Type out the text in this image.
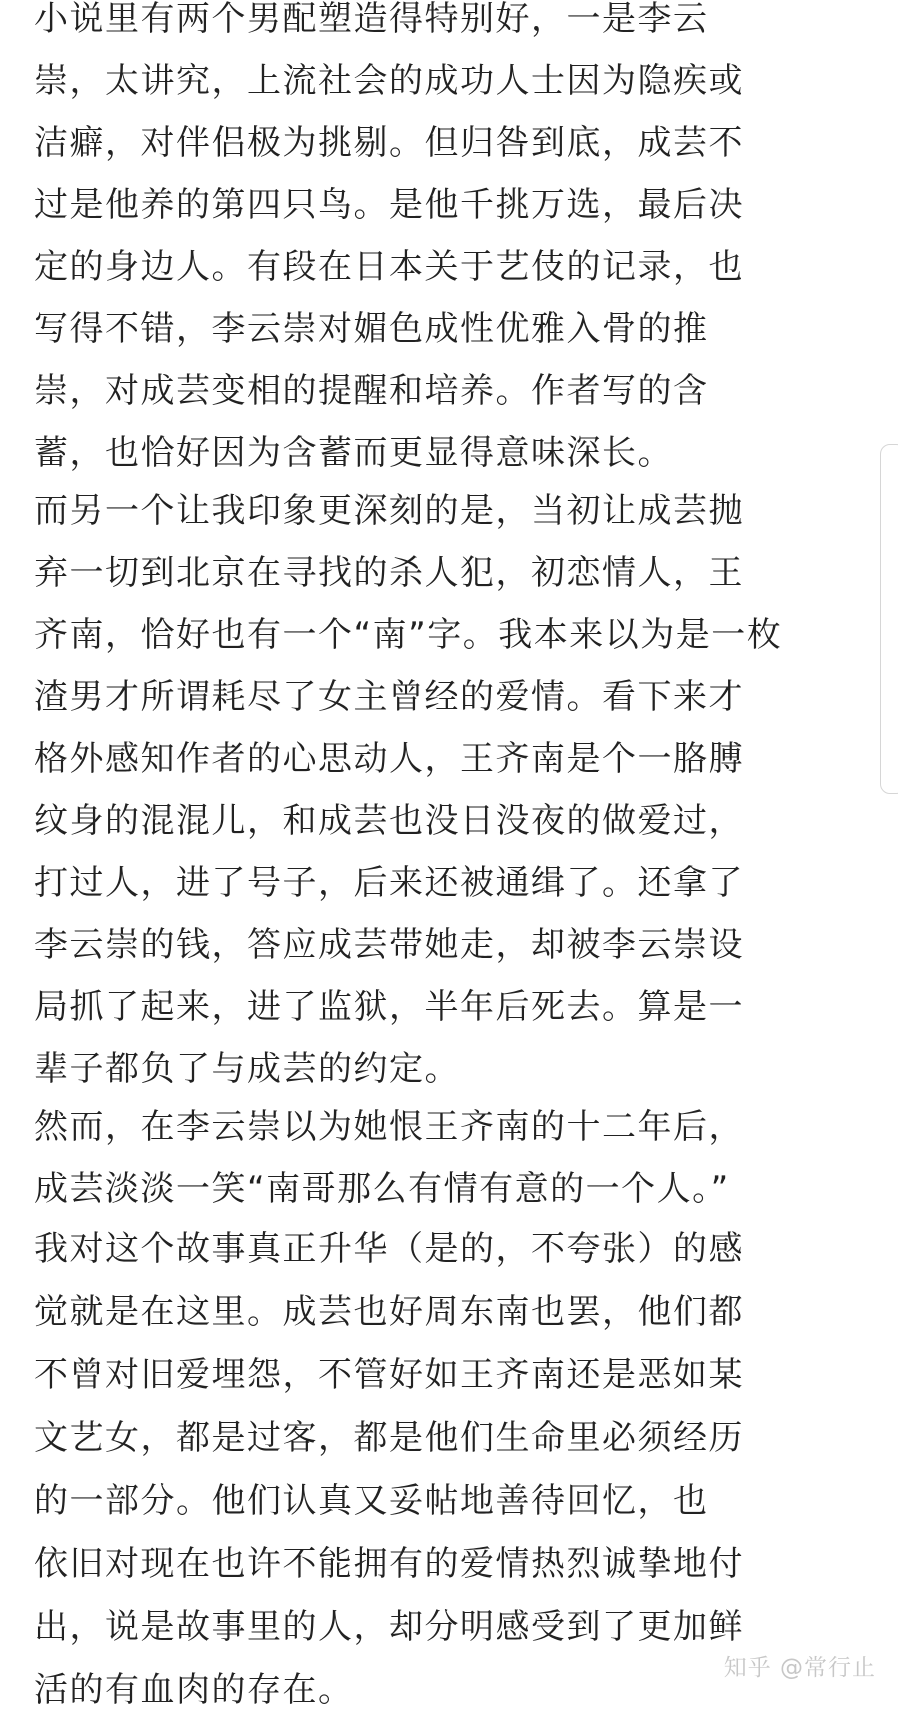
小说里有两个男配塑造得特别好，一是李云

崇，太讲究，上流社会的成功人士因为隐疾或

洁癖，对伴侣极为挑剔。但归咎到底，成芸不

过是他养的第四只鸟。是他千挑万选，最后决

定的身边人。有段在日本关于艺伎的记录，也

写得不错，李云崇对媚色成性优雅入骨的推

崇，对成芸变相的提醒和培养。作者写的含

蓄，也恰好因为含蓄而更显得意味深长。

而另一个让我印象更深刻的是，当初让成芸抛

弃一切到北京在寻找的杀人犯，初恋情人，王

齐南，恰好也有一个“南”字。我本来以为是一枚

渣男才所谓耗尽了女主曾经的爱情。看下来才

格外感知作者的心思动人，王齐南是个一胳膊

纹身的混混儿，和成芸也没日没夜的做爱过，

打过人，进了号子，后来还被通缉了。还拿了

李云崇的钱，答应成芸带她走，却被李云崇设

局抓了起来，进了监狱，半年后死去。算是一

辈子都负了与成芸的约定。

然而，在李云崇以为她恨王齐南的十二年后，

成芸淡淡一笑“南哥那么有情有意的一个人。”

我对这个故事真正升华（是的，不夸张）的感

觉就是在这里。成芸也好周东南也罢，他们都

不曾对旧爱埋怨，不管好如王齐南还是恶如某

文艺女，都是过客，都是他们生命里必须经历

的一部分。他们认真又妥帖地善待回忆，也

依旧对现在也许不能拥有的爱情热烈诚挚地付

出，说是故事里的人，却分明感受到了更加鲜

活的有血肉的存在。

知乎 @常行止
